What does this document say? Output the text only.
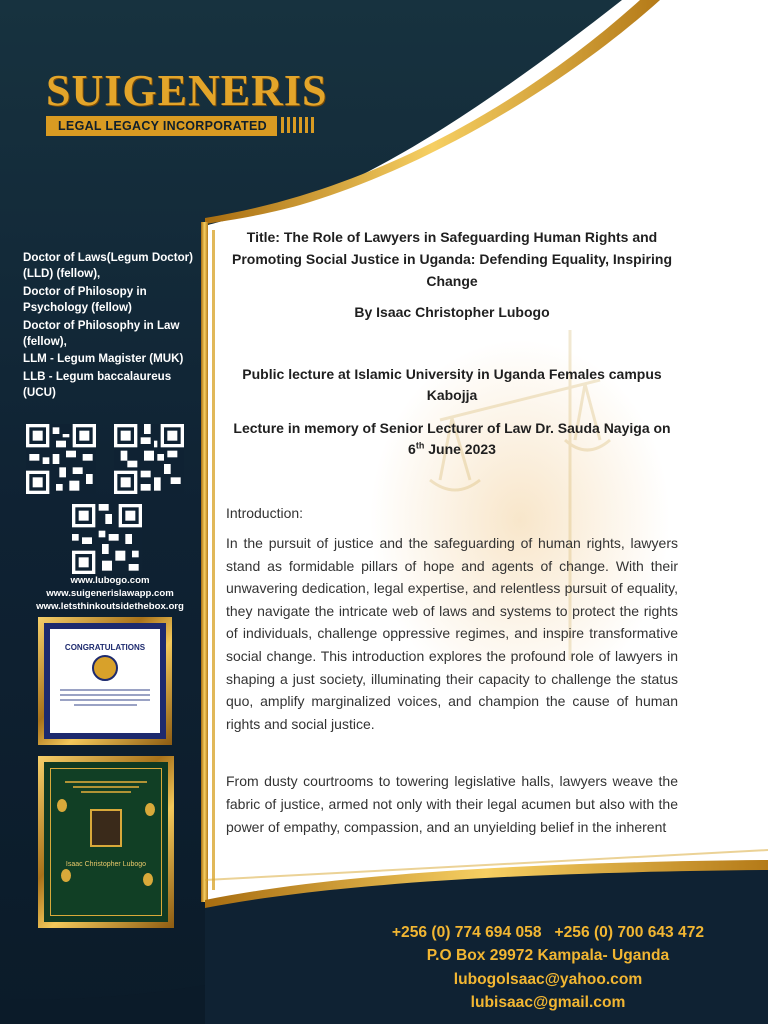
SUIGENERIS
LEGAL LEGACY INCORPORATED
Doctor of Laws(Legum Doctor) (LLD) (fellow),
Doctor of Philosopy in Psychology (fellow)
Doctor of Philosophy in Law (fellow),
LLM - Legum Magister (MUK)
LLB - Legum baccalaureus (UCU)
www.lubogo.com
www.suigenerislawapp.com
www.letsthinkoutsidethebox.org
CONGRATULATIONS
Isaac Christopher Lubogo
Title: The Role of Lawyers in Safeguarding Human Rights and Promoting Social Justice in Uganda: Defending Equality, Inspiring Change
By Isaac Christopher Lubogo
Public lecture at Islamic University in Uganda Females campus Kabojja
Lecture in memory of Senior Lecturer of Law Dr. Sauda Nayiga on 6th June 2023
Introduction:
In the pursuit of justice and the safeguarding of human rights, lawyers stand as formidable pillars of hope and agents of change. With their unwavering dedication, legal expertise, and relentless pursuit of equality, they navigate the intricate web of laws and systems to protect the rights of individuals, challenge oppressive regimes, and inspire transformative social change. This introduction explores the profound role of lawyers in shaping a just society, illuminating their capacity to challenge the status quo, amplify marginalized voices, and champion the cause of human rights and social justice.
From dusty courtrooms to towering legislative halls, lawyers weave the fabric of justice, armed not only with their legal acumen but also with the power of empathy, compassion, and an unyielding belief in the inherent
+256 (0) 774 694 058 +256 (0) 700 643 472
P.O Box 29972 Kampala- Uganda
lubogolsaac@yahoo.com
lubisaac@gmail.com
